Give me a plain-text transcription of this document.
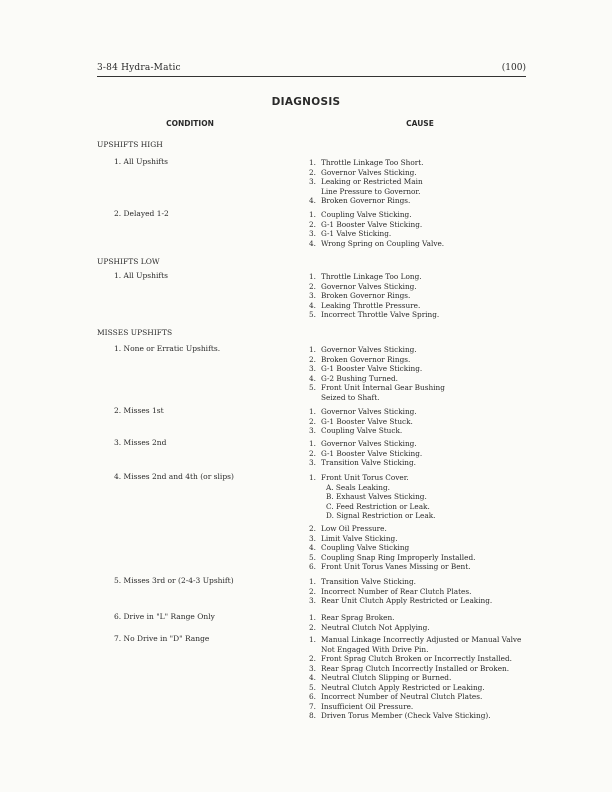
3-84 Hydra-Matic	(100)
DIAGNOSIS
CONDITION	CAUSE
UPSHIFTS HIGH
UPSHIFTS LOW
MISSES UPSHIFTS
1. All Upshifts
2. Delayed 1-2
1. All Upshifts
1. None or Erratic Upshifts.
2. Misses 1st
3. Misses 2nd
4. Misses 2nd and 4th (or slips)
5. Misses 3rd or (2-4-3 Upshift)
6. Drive in "L" Range Only
7. No Drive in "D" Range
1. Throttle Linkage Too Short.
2. Governor Valves Sticking.
3. Leaking or Restricted Main
Line Pressure to Governor.
4. Broken Governor Rings.
1. Coupling Valve Sticking.
2. G-1 Booster Valve Sticking.
3. G-1 Valve Sticking.
4. Wrong Spring on Coupling Valve.
1. Throttle Linkage Too Long.
2. Governor Valves Sticking.
3. Broken Governor Rings.
4. Leaking Throttle Pressure.
5. Incorrect Throttle Valve Spring.
1. Governor Valves Sticking.
2. Broken Governor Rings.
3. G-1 Booster Valve Sticking.
4. G-2 Bushing Turned.
5. Front Unit Internal Gear Bushing
Seized to Shaft.
1. Governor Valves Sticking.
2. G-1 Booster Valve Stuck.
3. Coupling Valve Stuck.
1. Governor Valves Sticking.
2. G-1 Booster Valve Sticking.
3. Transition Valve Sticking.
1. Front Unit Torus Cover.
A. Seals Leaking.
B. Exhaust Valves Sticking.
C. Feed Restriction or Leak.
D. Signal Restriction or Leak.
2. Low Oil Pressure.
3. Limit Valve Sticking.
4. Coupling Valve Sticking
5. Coupling Snap Ring Improperly Installed.
6. Front Unit Torus Vanes Missing or Bent.
1. Transition Valve Sticking.
2. Incorrect Number of Rear Clutch Plates.
3. Rear Unit Clutch Apply Restricted or Leaking.
1. Rear Sprag Broken.
2. Neutral Clutch Not Applying.
1. Manual Linkage Incorrectly Adjusted or Manual Valve
Not Engaged With Drive Pin.
2. Front Sprag Clutch Broken or Incorrectly Installed.
3. Rear Sprag Clutch Incorrectly Installed or Broken.
4. Neutral Clutch Slipping or Burned.
5. Neutral Clutch Apply Restricted or Leaking.
6. Incorrect Number of Neutral Clutch Plates.
7. Insufficient Oil Pressure.
8. Driven Torus Member (Check Valve Sticking).
